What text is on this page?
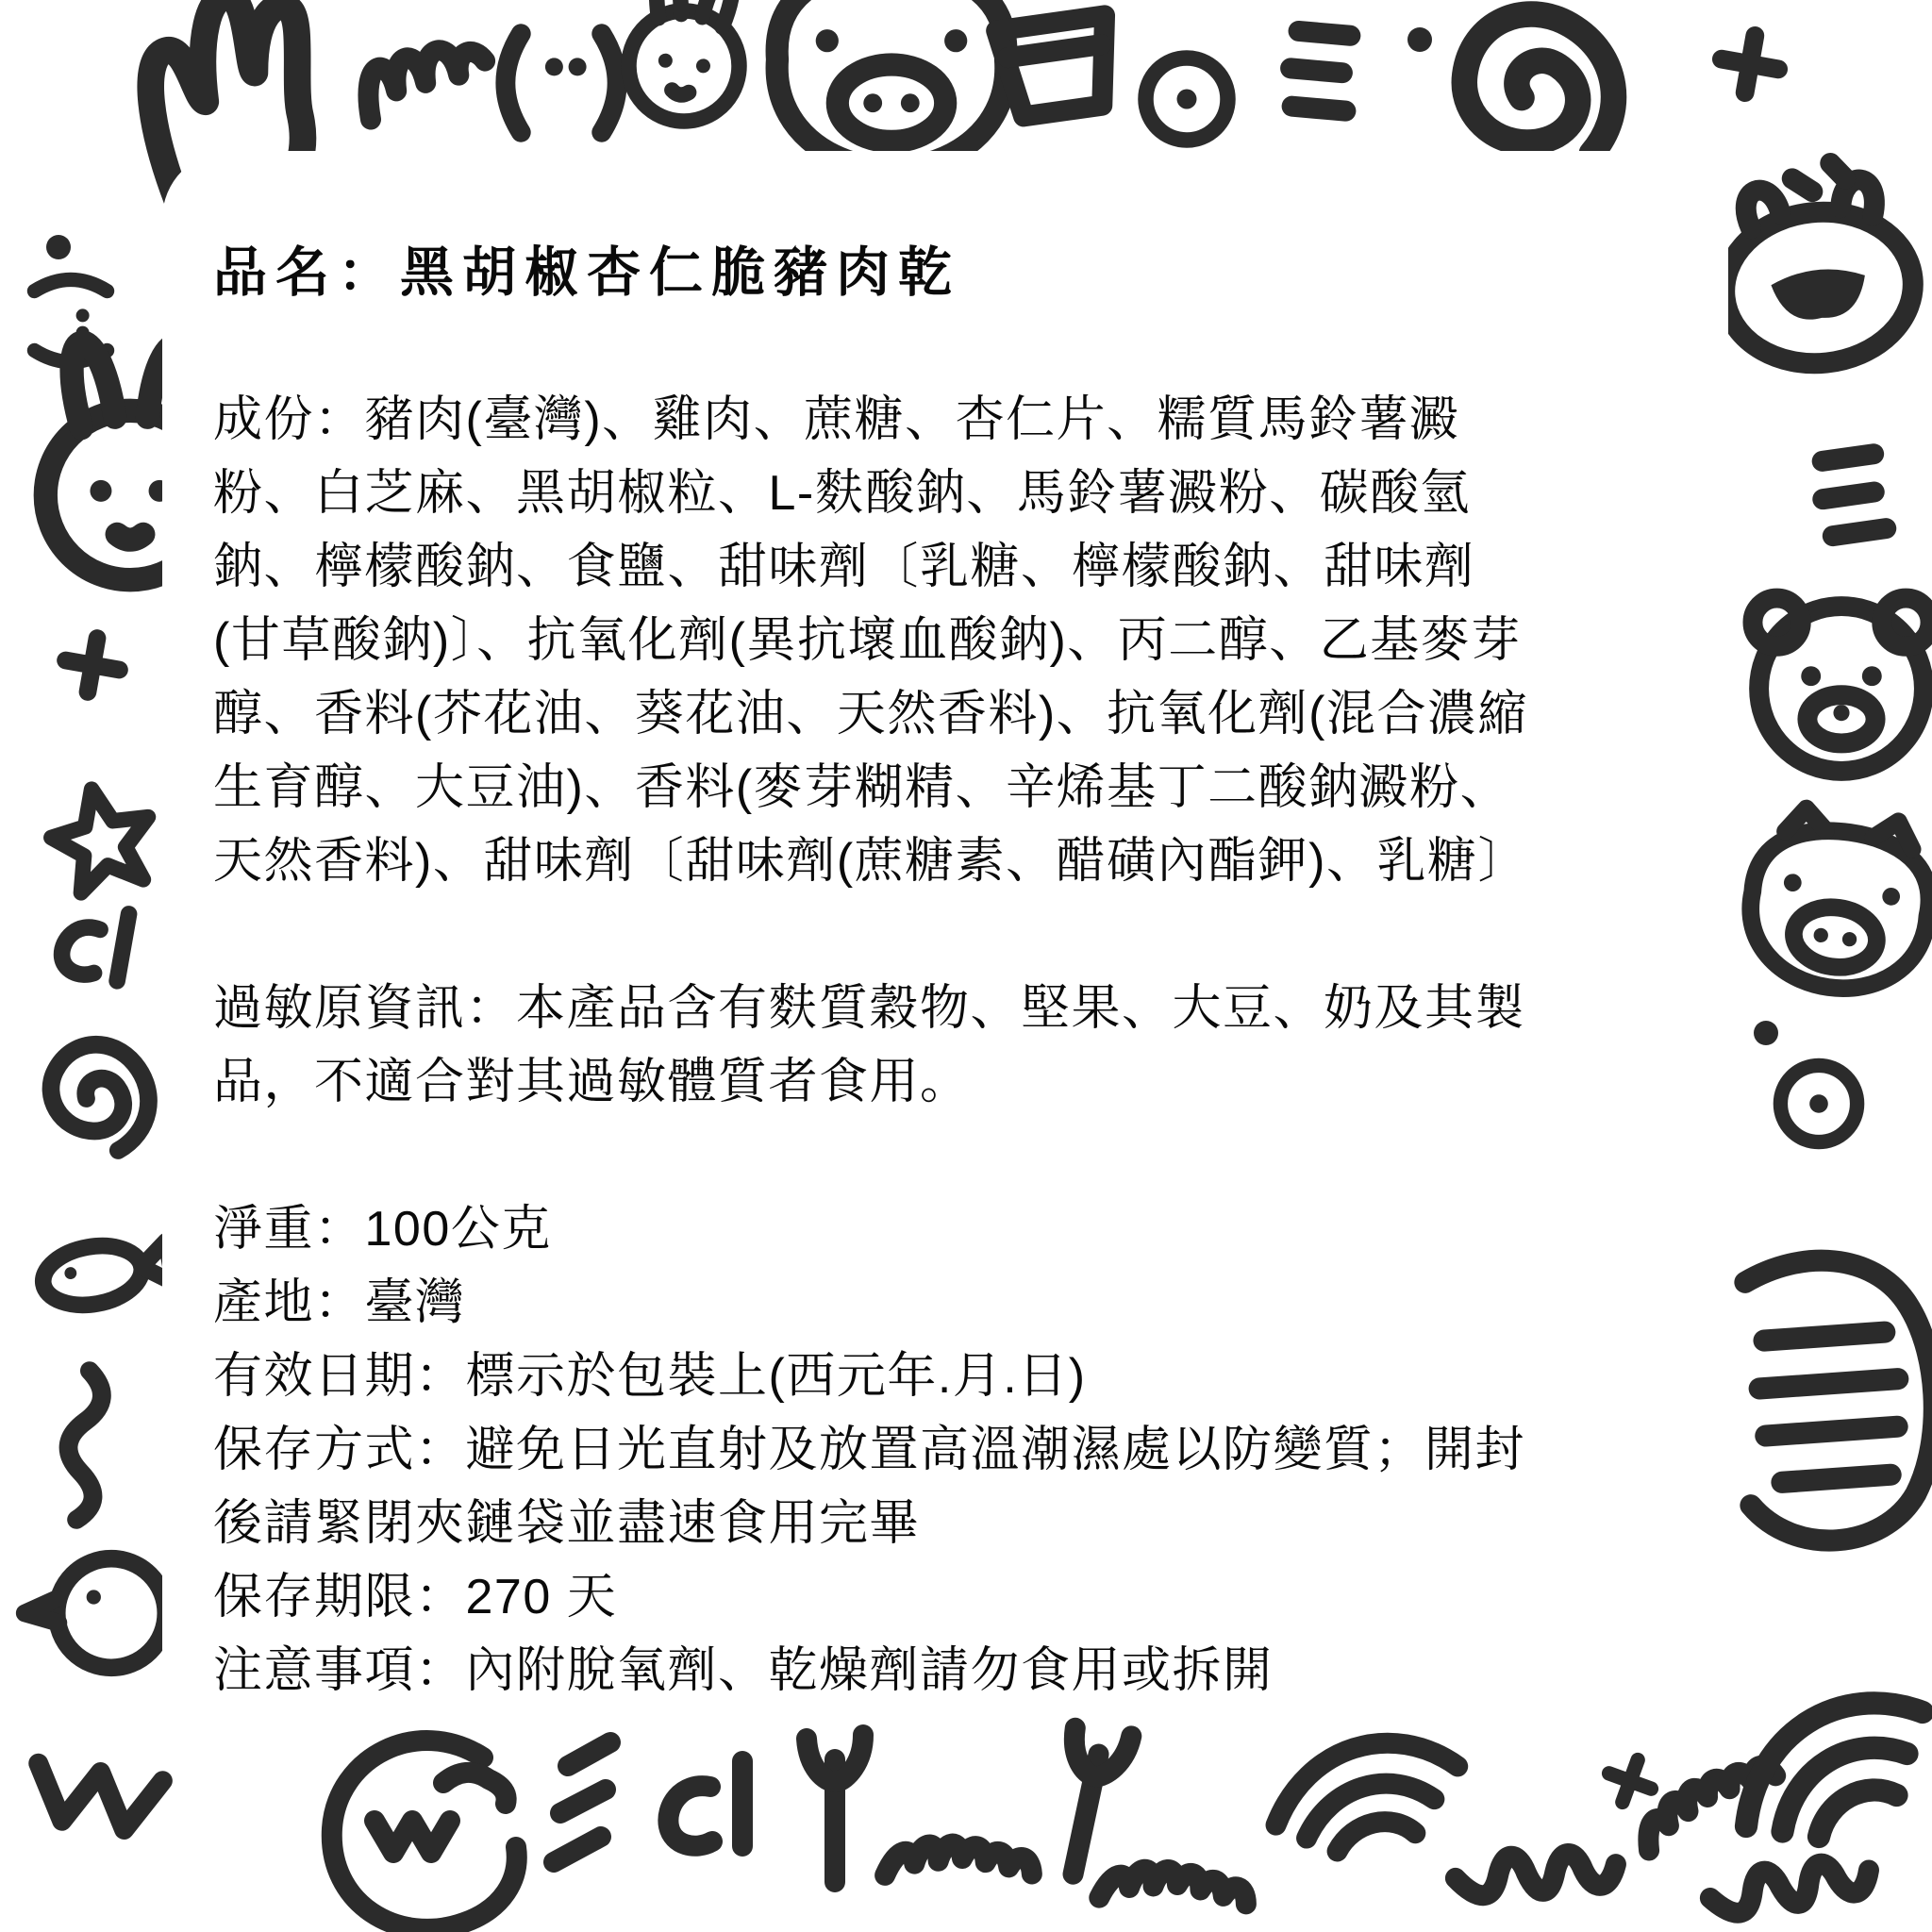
品名：黑胡椒杏仁脆豬肉乾
成份：豬肉(臺灣)、雞肉、蔗糖、杏仁片、糯質馬鈴薯澱
粉、白芝麻、黑胡椒粒、L-麩酸鈉、馬鈴薯澱粉、碳酸氫
鈉、檸檬酸鈉、食鹽、甜味劑〔乳糖、檸檬酸鈉、甜味劑
(甘草酸鈉)〕、抗氧化劑(異抗壞血酸鈉)、丙二醇、乙基麥芽
醇、香料(芥花油、葵花油、天然香料)、抗氧化劑(混合濃縮
生育醇、大豆油)、香料(麥芽糊精、辛烯基丁二酸鈉澱粉、
天然香料)、甜味劑〔甜味劑(蔗糖素、醋磺內酯鉀)、乳糖〕
過敏原資訊：本產品含有麩質穀物、堅果、大豆、奶及其製
品，不適合對其過敏體質者食用。
淨重：100公克
產地：臺灣
有效日期：標示於包裝上(西元年.月.日)
保存方式：避免日光直射及放置高溫潮濕處以防變質；開封
後請緊閉夾鏈袋並盡速食用完畢
保存期限：270 天
注意事項：內附脫氧劑、乾燥劑請勿食用或拆開
